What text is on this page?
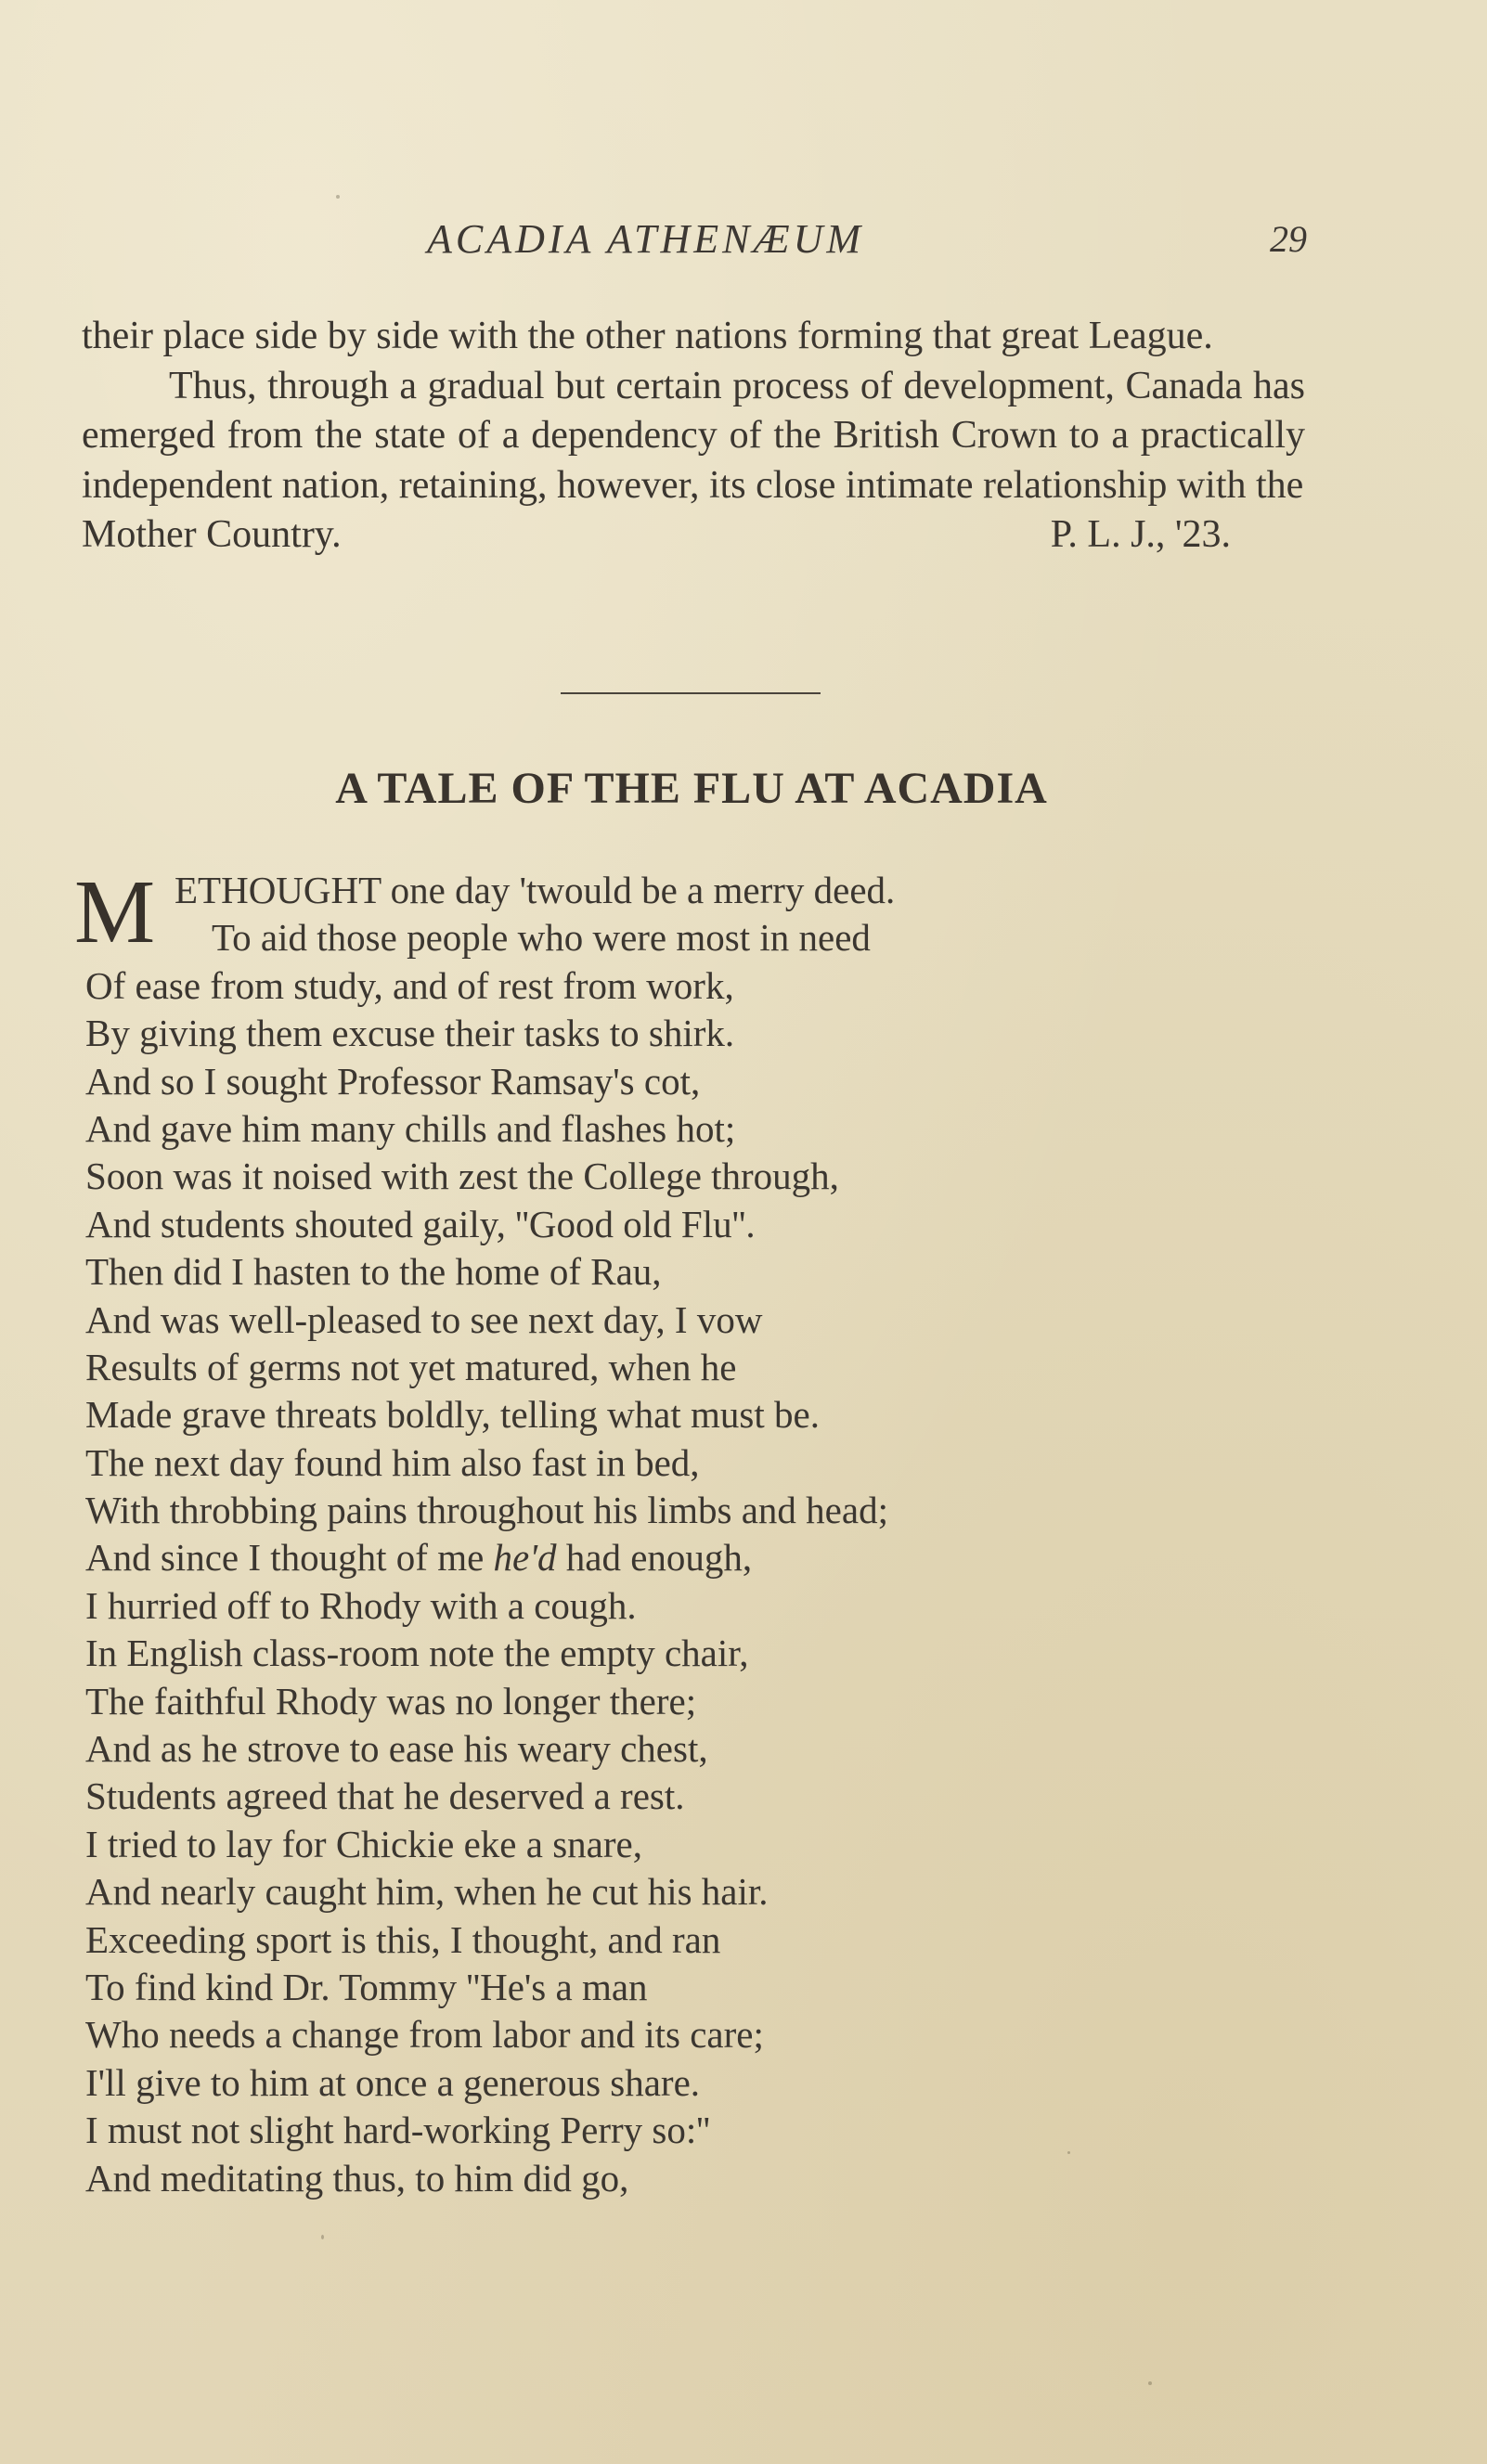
ACADIA ATHENÆUM	29

their place side by side with the other nations forming that great League.

Thus, through a gradual but certain process of development, Canada has emerged from the state of a dependency of the British Crown to a practically independent nation, retaining, however, its close intimate relationship with the

Mother Country.	P. L. J., '23.

A TALE OF THE FLU AT ACADIA
M ETHOUGHT one day 'twould be a merry deed.
To aid those people who were most in need
Of ease from study, and of rest from work,
By giving them excuse their tasks to shirk.
And so I sought Professor Ramsay's cot,
And gave him many chills and flashes hot;
Soon was it noised with zest the College through,
And students shouted gaily, ''Good old Flu''.
Then did I hasten to the home of Rau,
And was well-pleased to see next day, I vow
Results of germs not yet matured, when he
Made grave threats boldly, telling what must be.
The next day found him also fast in bed,
With throbbing pains throughout his limbs and head;
And since I thought of me he'd had enough,
I hurried off to Rhody with a cough.
In English class-room note the empty chair,
The faithful Rhody was no longer there;
And as he strove to ease his weary chest,
Students agreed that he deserved a rest.
I tried to lay for Chickie eke a snare,
And nearly caught him, when he cut his hair.
Exceeding sport is this, I thought, and ran
To find kind Dr. Tommy ''He's a man
Who needs a change from labor and its care;
I'll give to him at once a generous share.
I must not slight hard-working Perry so:''
And meditating thus, to him did go,
